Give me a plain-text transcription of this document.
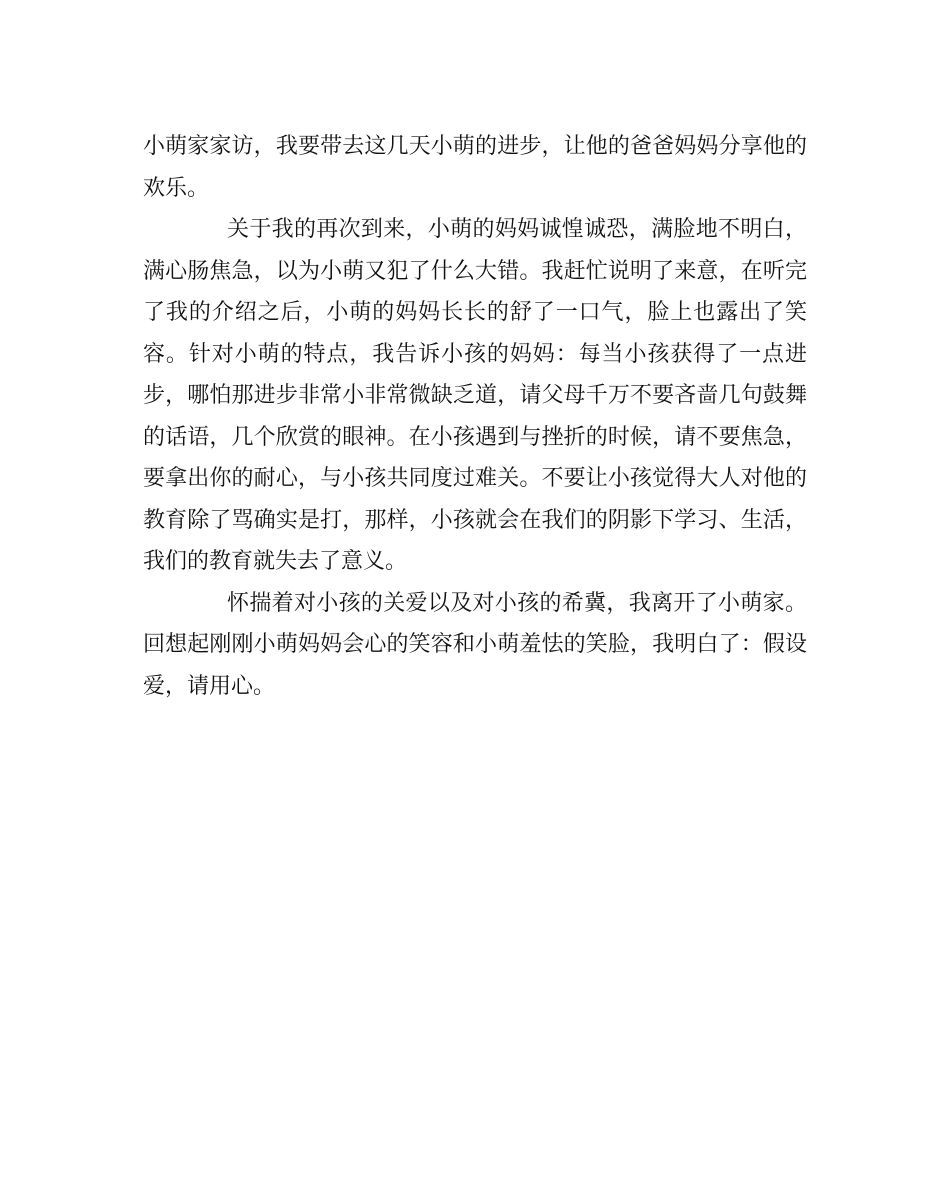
小萌家家访，我要带去这几天小萌的进步，让他的爸爸妈妈分享他的
欢乐。
关于我的再次到来，小萌的妈妈诚惶诚恐，满脸地不明白，
满心肠焦急，以为小萌又犯了什么大错。我赶忙说明了来意，在听完
了我的介绍之后，小萌的妈妈长长的舒了一口气，脸上也露出了笑
容。针对小萌的特点，我告诉小孩的妈妈：每当小孩获得了一点进
步，哪怕那进步非常小非常微缺乏道，请父母千万不要吝啬几句鼓舞
的话语，几个欣赏的眼神。在小孩遇到与挫折的时候，请不要焦急，
要拿出你的耐心，与小孩共同度过难关。不要让小孩觉得大人对他的
教育除了骂确实是打，那样，小孩就会在我们的阴影下学习、生活，
我们的教育就失去了意义。
怀揣着对小孩的关爱以及对小孩的希冀，我离开了小萌家。
回想起刚刚小萌妈妈会心的笑容和小萌羞怯的笑脸，我明白了：假设
爱，请用心。
